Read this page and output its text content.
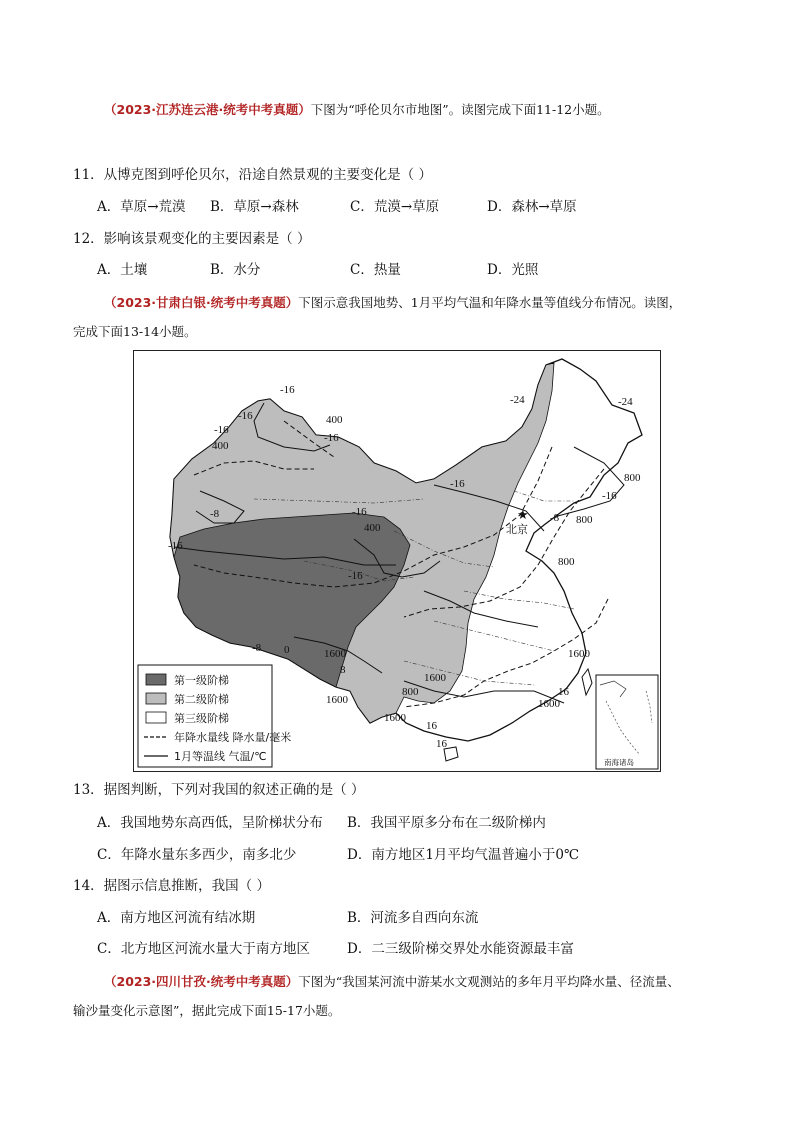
（2023·江苏连云港·统考中考真题）下图为“呼伦贝尔市地图”。读图完成下面11-12小题。
11．从博克图到呼伦贝尔，沿途自然景观的主要变化是（ ）
A．草原→荒漠 B．草原→森林	C．荒漠→草原	D．森林→草原
12．影响该景观变化的主要因素是（ ）
A．土壤	B．水分	C．热量	D．光照
（2023·甘肃白银·统考中考真题）下图示意我国地势、1月平均气温和年降水量等值线分布情况。读图，
完成下面13-14小题。
★
北京
-16
-16	400
-16
-16
400
-8
-16
-24	-24
-16
-16
-16
800
-8 800
400
-16
800
-8 0	1600
8
1600
16
1600
800
1600
1600
16
1600
16
第一级阶梯
第二级阶梯
第三级阶梯
年降水量线 降水量/毫米
1月等温线 气温/℃	南海诸岛
13．据图判断，下列对我国的叙述正确的是（ ）
A．我国地势东高西低，呈阶梯状分布 B．我国平原多分布在二级阶梯内
C．年降水量东多西少，南多北少	D．南方地区1月平均气温普遍小于0℃
14．据图示信息推断，我国（ ）
A．南方地区河流有结冰期	B．河流多自西向东流
C．北方地区河流水量大于南方地区	D．二三级阶梯交界处水能资源最丰富
（2023·四川甘孜·统考中考真题）下图为“我国某河流中游某水文观测站的多年月平均降水量、径流量、
输沙量变化示意图”，据此完成下面15-17小题。
